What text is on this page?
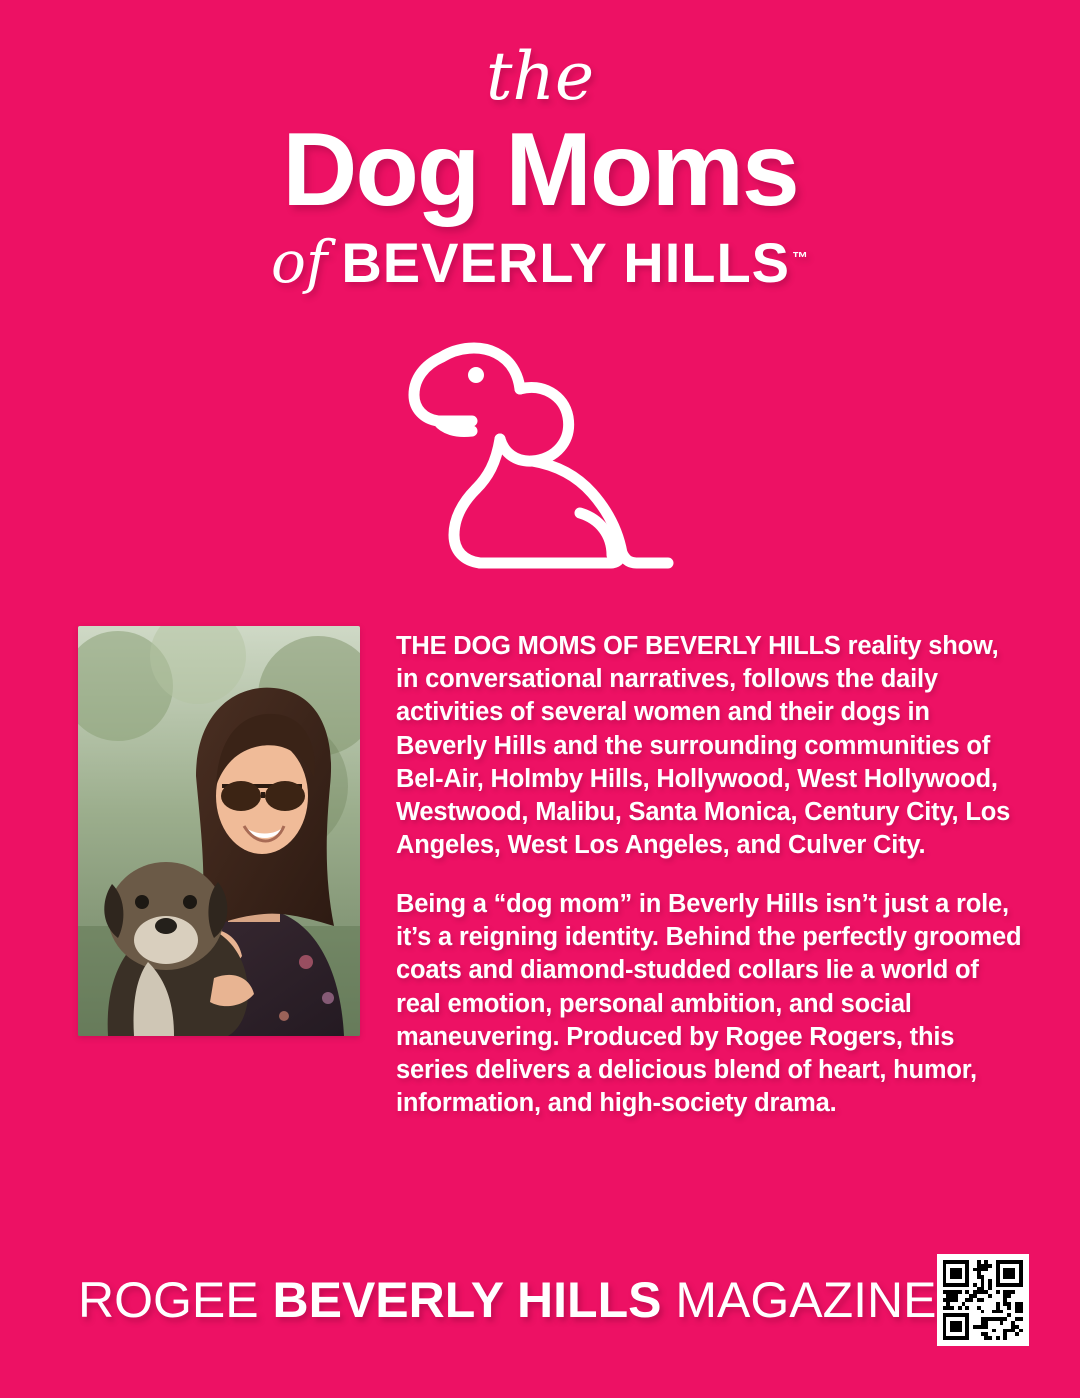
the
Dog Moms
of BEVERLY HILLS ™

THE DOG MOMS OF BEVERLY HILLS reality show, in conversational narratives, follows the daily activities of several women and their dogs in Beverly Hills and the surrounding communities of Bel-Air, Holmby Hills, Hollywood, West Hollywood, Westwood, Malibu, Santa Monica, Century City, Los Angeles, West Los Angeles, and Culver City.

Being a “dog mom” in Beverly Hills isn’t just a role, it’s a reigning identity. Behind the perfectly groomed coats and diamond-studded collars lie a world of real emotion, personal ambition, and social maneuvering. Produced by Rogee Rogers, this series delivers a delicious blend of heart, humor, information, and high-society drama.

ROGEE BEVERLY HILLS MAGAZINE
